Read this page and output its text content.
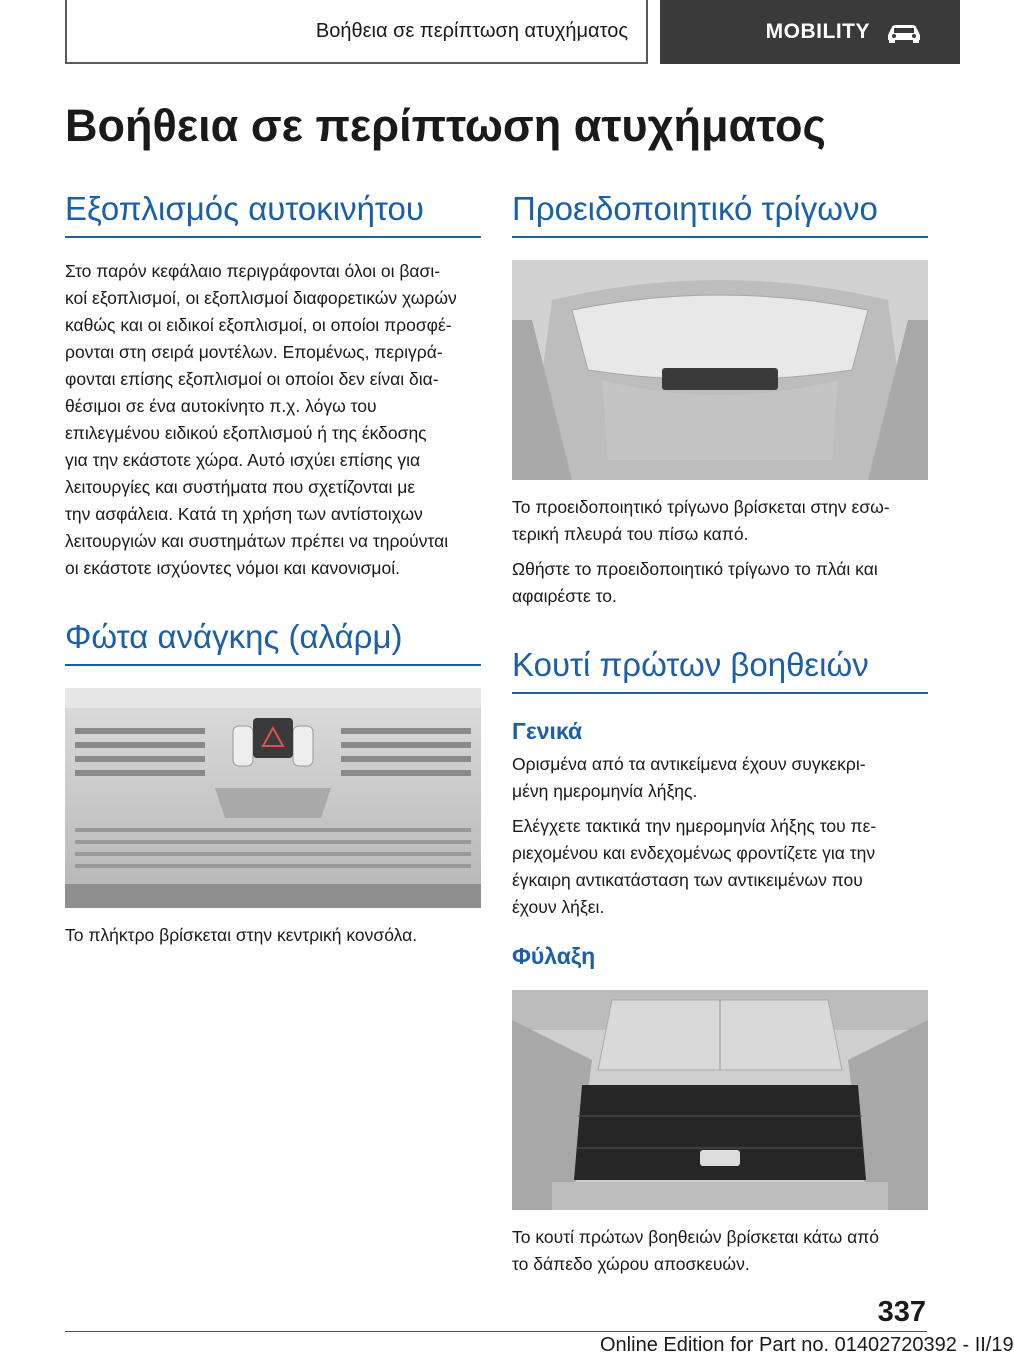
Βοήθεια σε περίπτωση ατυχήματος	MOBILITY
Βοήθεια σε περίπτωση ατυχήματος
Εξοπλισμός αυτοκινήτου

Στο παρόν κεφάλαιο περιγράφονται όλοι οι βασι‐

κοί εξοπλισμοί, οι εξοπλισμοί διαφορετικών χωρών

καθώς και οι ειδικοί εξοπλισμοί, οι οποίοι προσφέ‐

ρονται στη σειρά μοντέλων. Επομένως, περιγρά‐

φονται επίσης εξοπλισμοί οι οποίοι δεν είναι δια‐

θέσιμοι σε ένα αυτοκίνητο π.χ. λόγω του

επιλεγμένου ειδικού εξοπλισμού ή της έκδοσης

για την εκάστοτε χώρα. Αυτό ισχύει επίσης για

λειτουργίες και συστήματα που σχετίζονται με

την ασφάλεια. Κατά τη χρήση των αντίστοιχων

λειτουργιών και συστημάτων πρέπει να τηρούνται

οι εκάστοτε ισχύοντες νόμοι και κανονισμοί.

Φώτα ανάγκης (αλάρμ)

Το πλήκτρο βρίσκεται στην κεντρική κονσόλα.

Προειδοποιητικό τρίγωνο

Το προειδοποιητικό τρίγωνο βρίσκεται στην εσω‐

τερική πλευρά του πίσω καπό.

Ωθήστε το προειδοποιητικό τρίγωνο το πλάι και

αφαιρέστε το.

Κουτί πρώτων βοηθειών
Γενικά

Ορισμένα από τα αντικείμενα έχουν συγκεκρι‐

μένη ημερομηνία λήξης.

Ελέγχετε τακτικά την ημερομηνία λήξης του πε‐

ριεχομένου και ενδεχομένως φροντίζετε για την

έγκαιρη αντικατάσταση των αντικειμένων που

έχουν λήξει.

Φύλαξη

Το κουτί πρώτων βοηθειών βρίσκεται κάτω από

το δάπεδο χώρου αποσκευών.

337
Online Edition for Part no. 01402720392 - II/19
